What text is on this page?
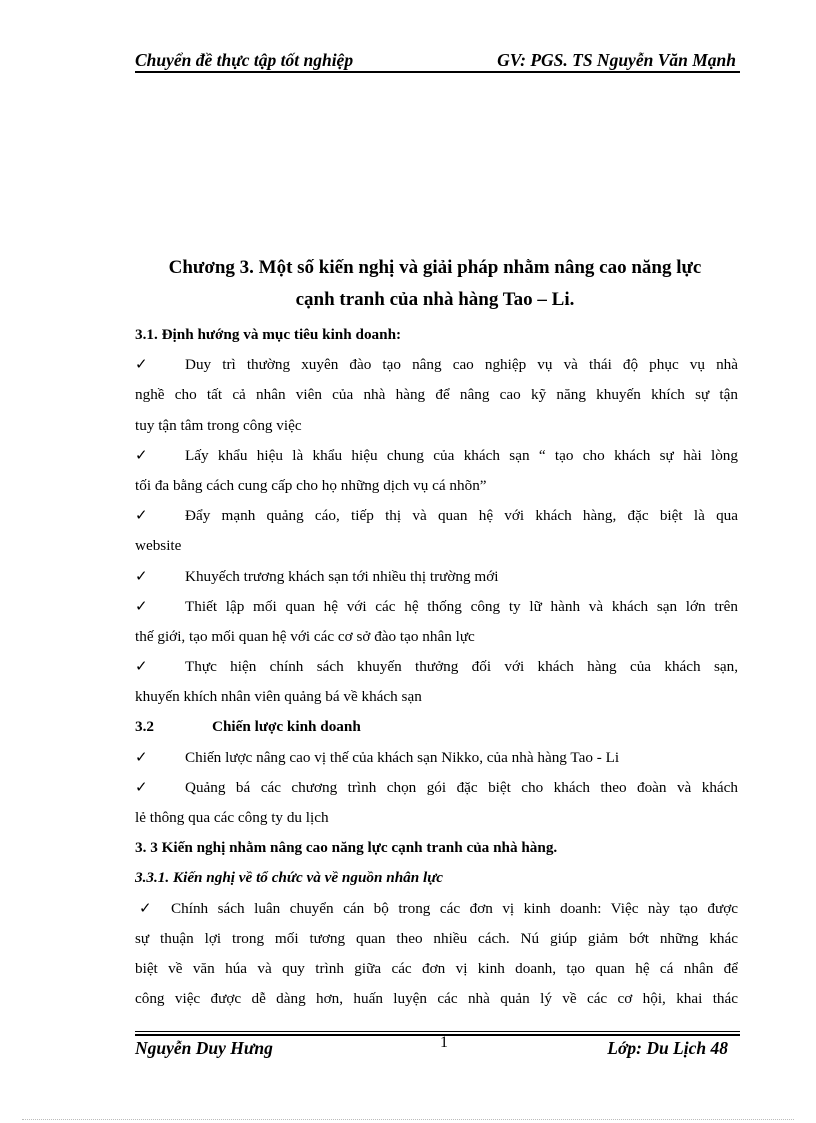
Chuyển đề thực tập tốt nghiệp	GV: PGS. TS Nguyễn Văn Mạnh
Chương 3. Một số kiến nghị và giải pháp nhằm nâng cao năng lực
cạnh tranh của nhà hàng Tao – Li.
3.1. Định hướng và mục tiêu kinh doanh:
✓ Duy trì thường xuyên đào tạo nâng cao nghiệp vụ và thái độ phục vụ nhà
nghề cho tất cả nhân viên của nhà hàng để nâng cao kỹ năng khuyến khích sự tận
tuy tận tâm trong công việc
✓ Lấy khẩu hiệu là khẩu hiệu chung của khách sạn “ tạo cho khách sự hài lòng
tối đa bằng cách cung cấp cho họ những dịch vụ cá nhõn”
✓ Đẩy mạnh quảng cáo, tiếp thị và quan hệ với khách hàng, đặc biệt là qua
website
✓ Khuyếch trương khách sạn tới nhiều thị trường mới
✓ Thiết lập mối quan hệ với các hệ thống công ty lữ hành và khách sạn lớn trên
thế giới, tạo mối quan hệ với các cơ sở đào tạo nhân lực
✓ Thực hiện chính sách khuyến thưởng đối với khách hàng của khách sạn,
khuyến khích nhân viên quảng bá về khách sạn
3.2	Chiến lược kinh doanh
✓ Chiến lược nâng cao vị thế của khách sạn Nikko, của nhà hàng Tao - Li
✓ Quảng bá các chương trình chọn gói đặc biệt cho khách theo đoàn và khách
lẻ thông qua các công ty du lịch
3. 3 Kiến nghị nhằm nâng cao năng lực cạnh tranh của nhà hàng.
3.3.1. Kiến nghị về tổ chức và về nguồn nhân lực
✓ Chính sách luân chuyển cán bộ trong các đơn vị kinh doanh: Việc này tạo được
sự thuận lợi trong mối tương quan theo nhiều cách. Nú giúp giảm bớt những khác
biệt về văn húa và quy trình giữa các đơn vị kinh doanh, tạo quan hệ cá nhân để
công việc được dễ dàng hơn, huấn luyện các nhà quản lý về các cơ hội, khai thác
Nguyễn Duy Hưng	1	Lớp: Du Lịch 48
